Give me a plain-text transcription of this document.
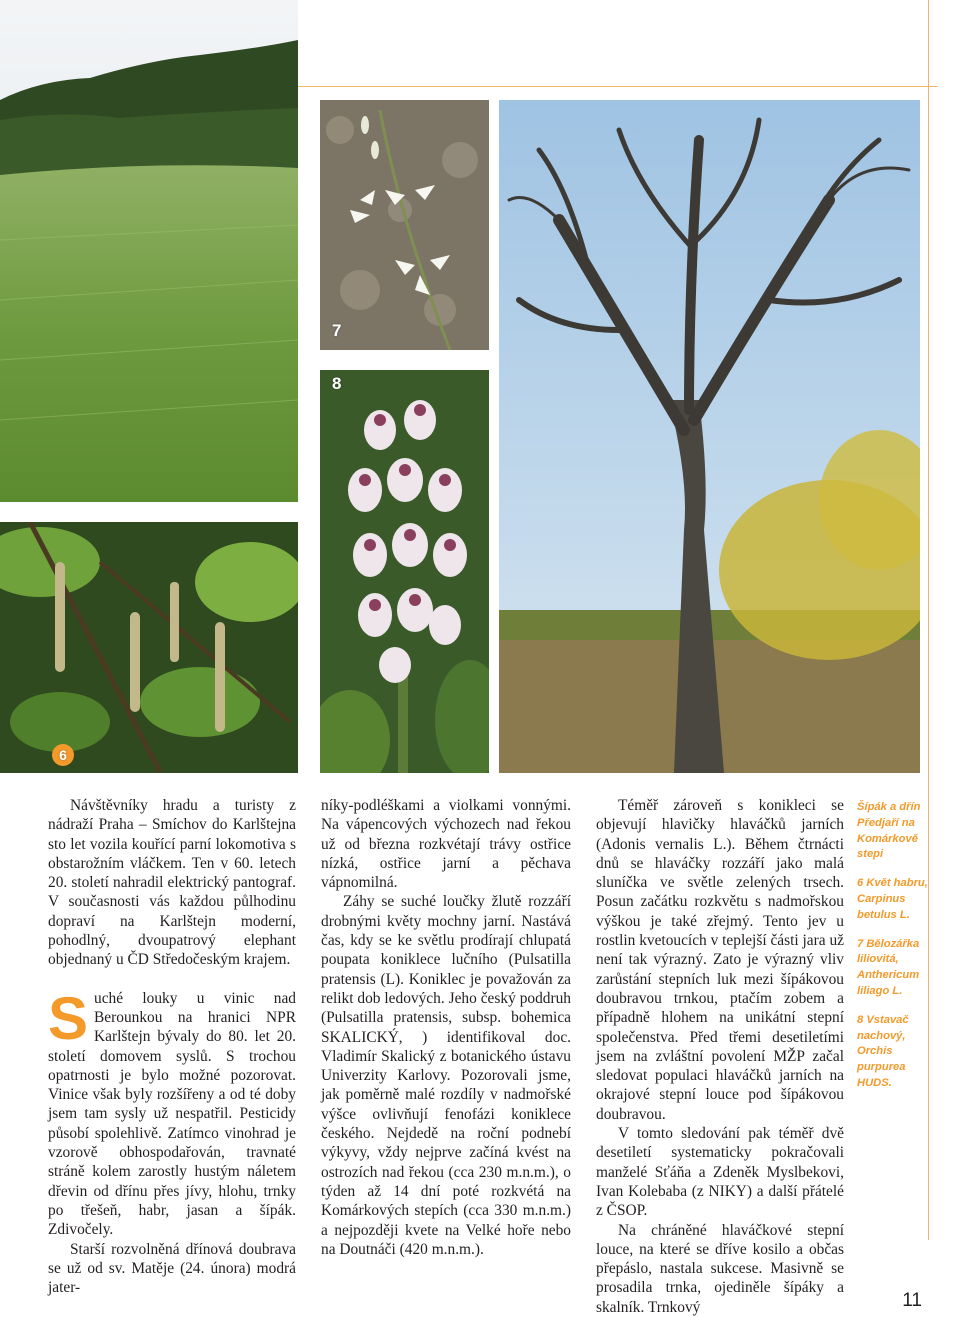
6
7
8

Návštěvníky hradu a turisty z nádraží Praha – Smíchov do Karlštejna sto let vozila kouřící parní lokomotiva s obstarožním vláčkem. Ten v 60. letech 20. století nahradil elektrický pantograf. V současnosti vás každou půlhodinu dopraví na Karlštejn moderní, pohodlný, dvoupatrový elephant objednaný u ČD Středočeským krajem.

Suché louky u vinic nad Berounkou na hranici NPR Karlštejn bývaly do 80. let 20. století domovem syslů. S trochou opatrnosti je bylo možné pozorovat. Vinice však byly rozšířeny a od té doby jsem tam sysly už nespatřil. Pesticidy působí spolehlivě. Zatímco vinohrad je vzorově obhospodařován, travnaté stráně kolem zarostly hustým náletem dřevin od dřínu přes jívy, hlohu, trnky po třešeň, habr, jasan a šípák. Zdivočely.

Starší rozvolněná dřínová doubrava se už od sv. Matěje (24. února) modrá jater-

níky-podléškami a violkami vonnými. Na vápencových výchozech nad řekou už od března rozkvétají trávy ostřice nízká, ostřice jarní a pěchava vápnomilná.

Záhy se suché loučky žlutě rozzáří drobnými květy mochny jarní. Nastává čas, kdy se ke světlu prodírají chlupatá poupata koniklece lučního (Pulsatilla pratensis (L). Koniklec je považován za relikt dob ledových. Jeho český poddruh (Pulsatilla pratensis, subsp. bohemica SKALICKÝ, ) identifikoval doc. Vladimír Skalický z botanického ústavu Univerzity Karlovy. Pozorovali jsme, jak poměrně malé rozdíly v nadmořské výšce ovlivňují fenofázi koniklece českého. Nejdedě na roční podnebí výkyvy, vždy nejprve začíná kvést na ostrozích nad řekou (cca 230 m.n.m.), o týden až 14 dní poté rozkvétá na Komárkových stepích (cca 330 m.n.m.) a nejpozději kvete na Velké hoře nebo na Doutnáči (420 m.n.m.).

Téměř zároveň s konikleci se objevují hlavičky hlaváčků jarních (Adonis vernalis L.). Během čtrnácti dnů se hlaváčky rozzáří jako malá sluníčka ve světle zelených trsech. Posun začátku rozkvětu s nadmořskou výškou je také zřejmý. Tento jev u rostlin kvetoucích v teplejší části jara už není tak výrazný. Zato je výrazný vliv zarůstání stepních luk mezi šípákovou doubravou trnkou, ptačím zobem a případně hlohem na unikátní stepní společenstva. Před třemi desetiletími jsem na zvláštní povolení MŽP začal sledovat populaci hlaváčků jarních na okrajové stepní louce pod šípákovou doubravou.

V tomto sledování pak téměř dvě desetiletí systematicky pokračovali manželé Sťáňa a Zdeněk Myslbekovi, Ivan Kolebaba (z NIKY) a další přátelé z ČSOP.

Na chráněné hlaváčkové stepní louce, na které se dříve kosilo a občas přepáslo, nastala sukcese. Masivně se prosadila trnka, ojediněle šípáky a skalník. Trnkový

Šípák a dřín Předjaří na Komárkově stepi
6 Květ habru, Carpinus betulus L.
7 Bělozářka liliovitá, Anthericum liliago L.
8 Vstavač nachový, Orchis purpurea HUDS.
11
